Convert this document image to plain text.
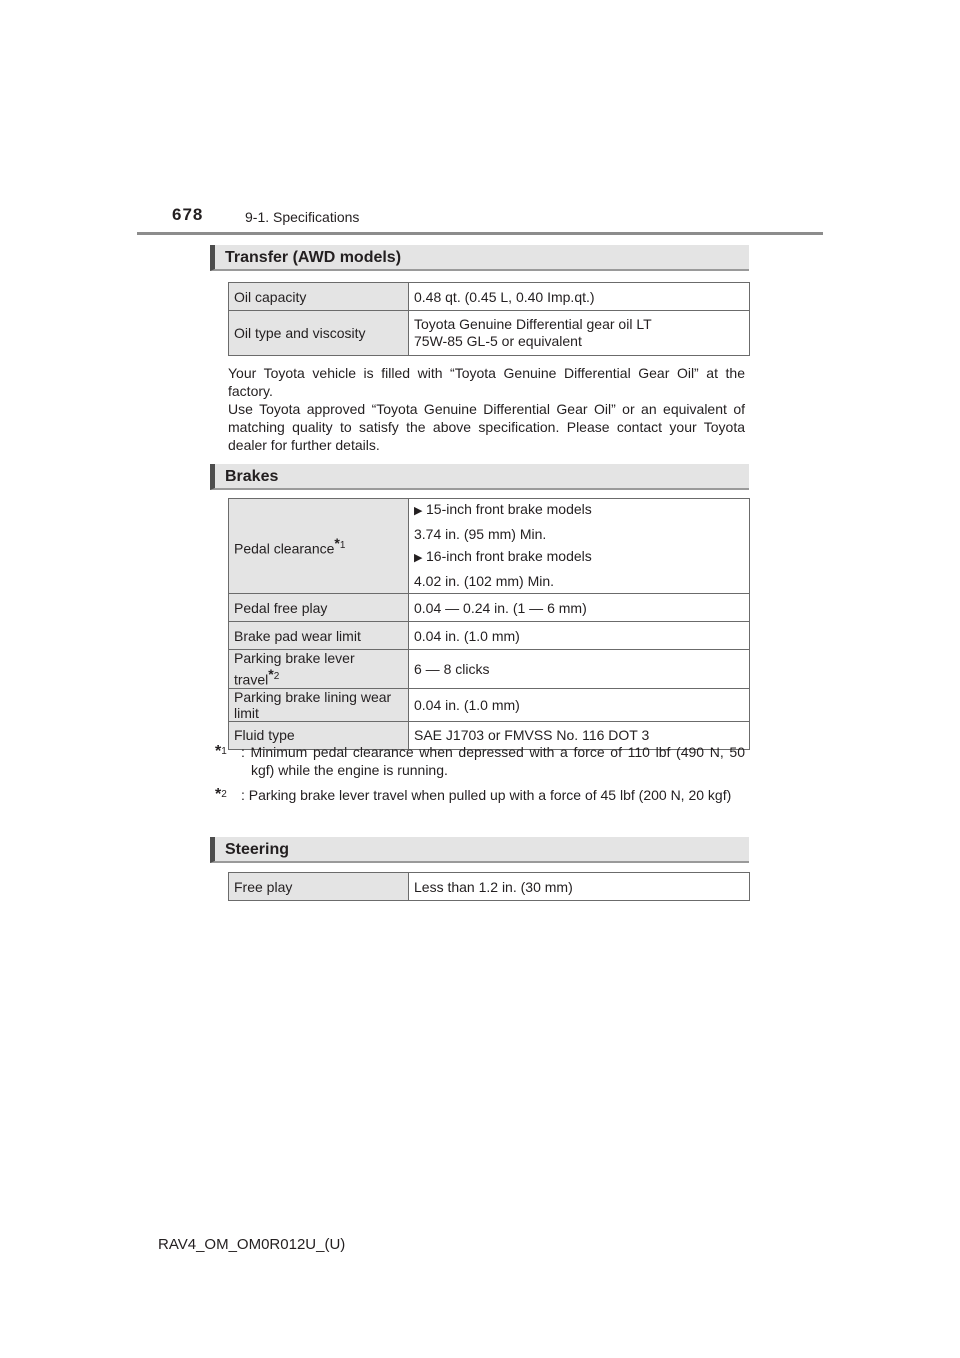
678	9-1. Specifications
Transfer (AWD models)
Oil capacity	0.48 qt. (0.45 L, 0.40 Imp.qt.)
Oil type and viscosity	Toyota Genuine Differential gear oil LT
75W-85 GL-5 or equivalent

Your Toyota vehicle is filled with “Toyota Genuine Differential Gear Oil” at the factory.

Use Toyota approved “Toyota Genuine Differential Gear Oil” or an equivalent of matching quality to satisfy the above specification. Please contact your Toyota dealer for further details.

Brakes
Pedal clearance$^{*1}$	▶ 15-inch front brake models
3.74 in. (95 mm) Min.
▶ 16-inch front brake models
4.02 in. (102 mm) Min.

Pedal free play	0.04 — 0.24 in. (1 — 6 mm)
Brake pad wear limit	0.04 in. (1.0 mm)
Parking brake lever travel$^{*2}$	6 — 8 clicks
Parking brake lining wear limit	0.04 in. (1.0 mm)
Fluid type	SAE J1703 or FMVSS No. 116 DOT 3
*$^1$ : Minimum pedal clearance when depressed with a force of 110 lbf (490 N, 50 kgf) while the engine is running.
*$^2$ : Parking brake lever travel when pulled up with a force of 45 lbf (200 N, 20 kgf)
Steering
Free play	Less than 1.2 in. (30 mm)
RAV4_OM_OM0R012U_(U)
